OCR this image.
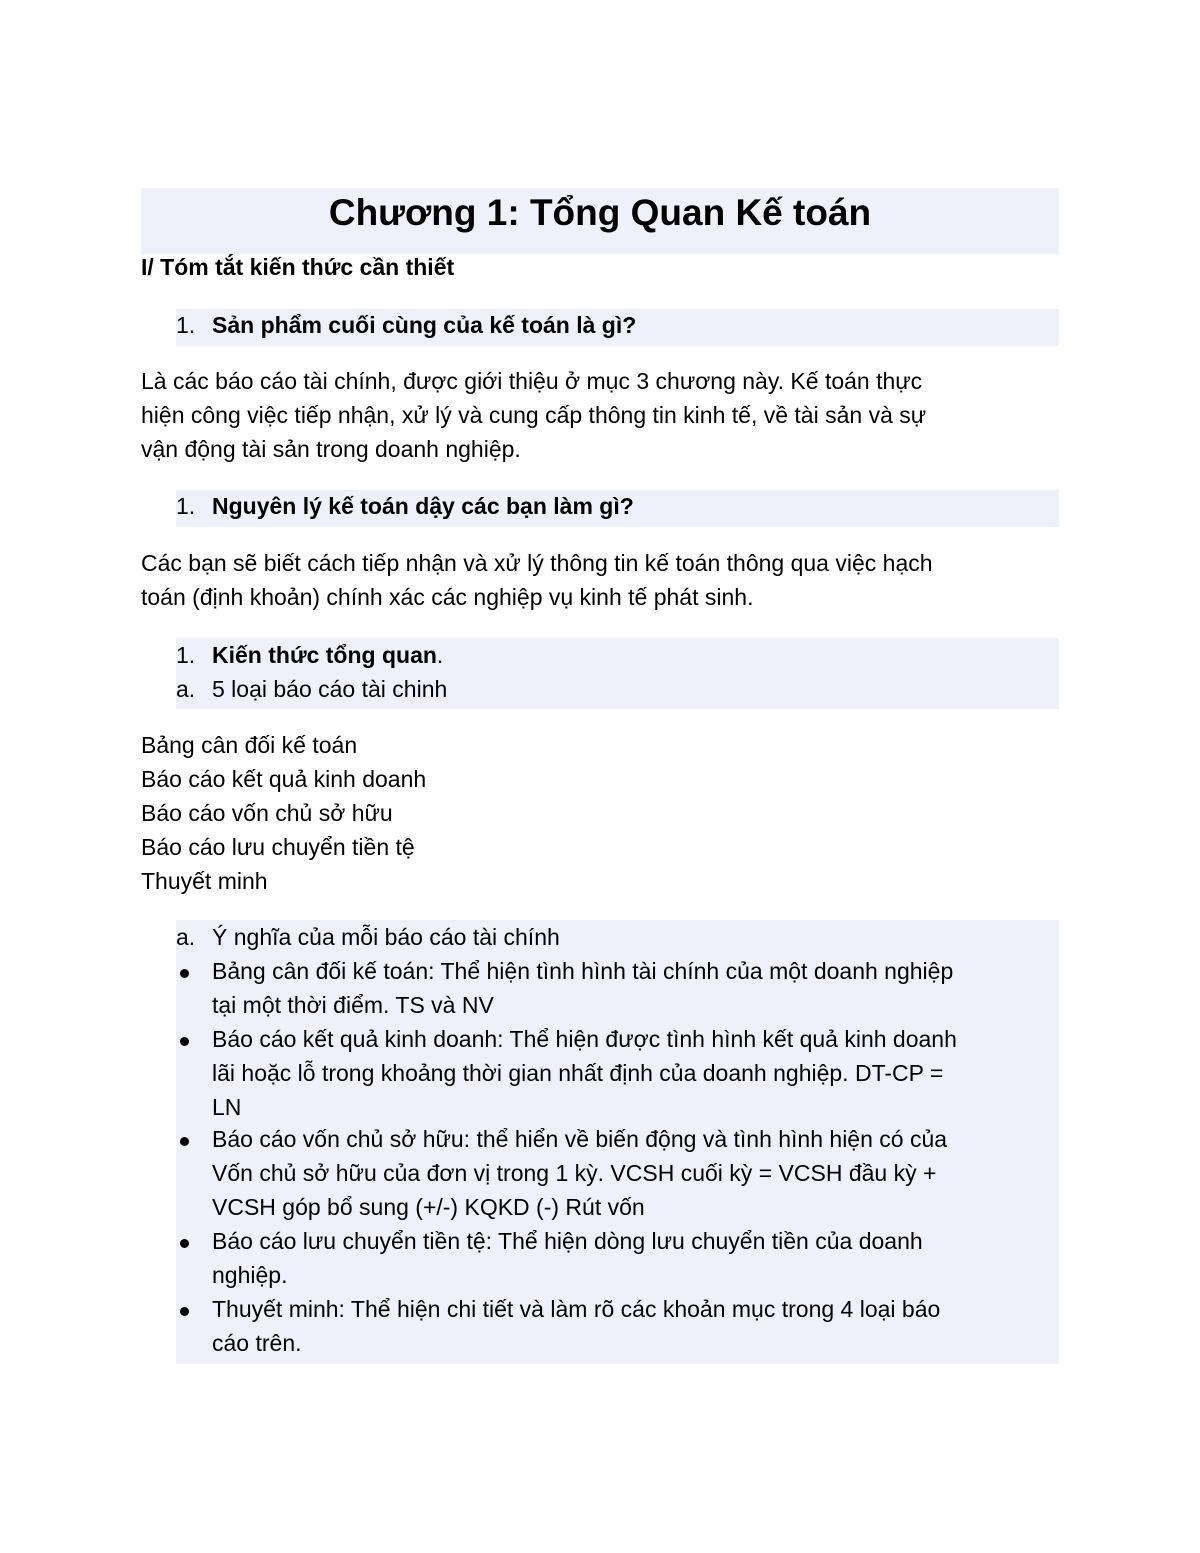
Chương 1: Tổng Quan Kế toán
I/ Tóm tắt kiến thức cần thiết
1. Sản phẩm cuối cùng của kế toán là gì?
Là các báo cáo tài chính, được giới thiệu ở mục 3 chương này. Kế toán thực
hiện công việc tiếp nhận, xử lý và cung cấp thông tin kinh tế, về tài sản và sự
vận động tài sản trong doanh nghiệp.
1. Nguyên lý kế toán dậy các bạn làm gì?
Các bạn sẽ biết cách tiếp nhận và xử lý thông tin kế toán thông qua việc hạch
toán (định khoản) chính xác các nghiệp vụ kinh tế phát sinh.
1. Kiến thức tổng quan.
a. 5 loại báo cáo tài chinh
Bảng cân đối kế toán
Báo cáo kết quả kinh doanh
Báo cáo vốn chủ sở hữu
Báo cáo lưu chuyển tiền tệ
Thuyết minh
a. Ý nghĩa của mỗi báo cáo tài chính
Bảng cân đối kế toán: Thể hiện tình hình tài chính của một doanh nghiệp
tại một thời điểm. TS và NV
Báo cáo kết quả kinh doanh: Thể hiện được tình hình kết quả kinh doanh
lãi hoặc lỗ trong khoảng thời gian nhất định của doanh nghiệp. DT-CP =
LN
Báo cáo vốn chủ sở hữu: thể hiển về biến động và tình hình hiện có của
Vốn chủ sở hữu của đơn vị trong 1 kỳ. VCSH cuối kỳ = VCSH đầu kỳ +
VCSH góp bổ sung (+/-) KQKD (-) Rút vốn
Báo cáo lưu chuyển tiền tệ: Thể hiện dòng lưu chuyển tiền của doanh
nghiệp.
Thuyết minh: Thể hiện chi tiết và làm rõ các khoản mục trong 4 loại báo
cáo trên.
